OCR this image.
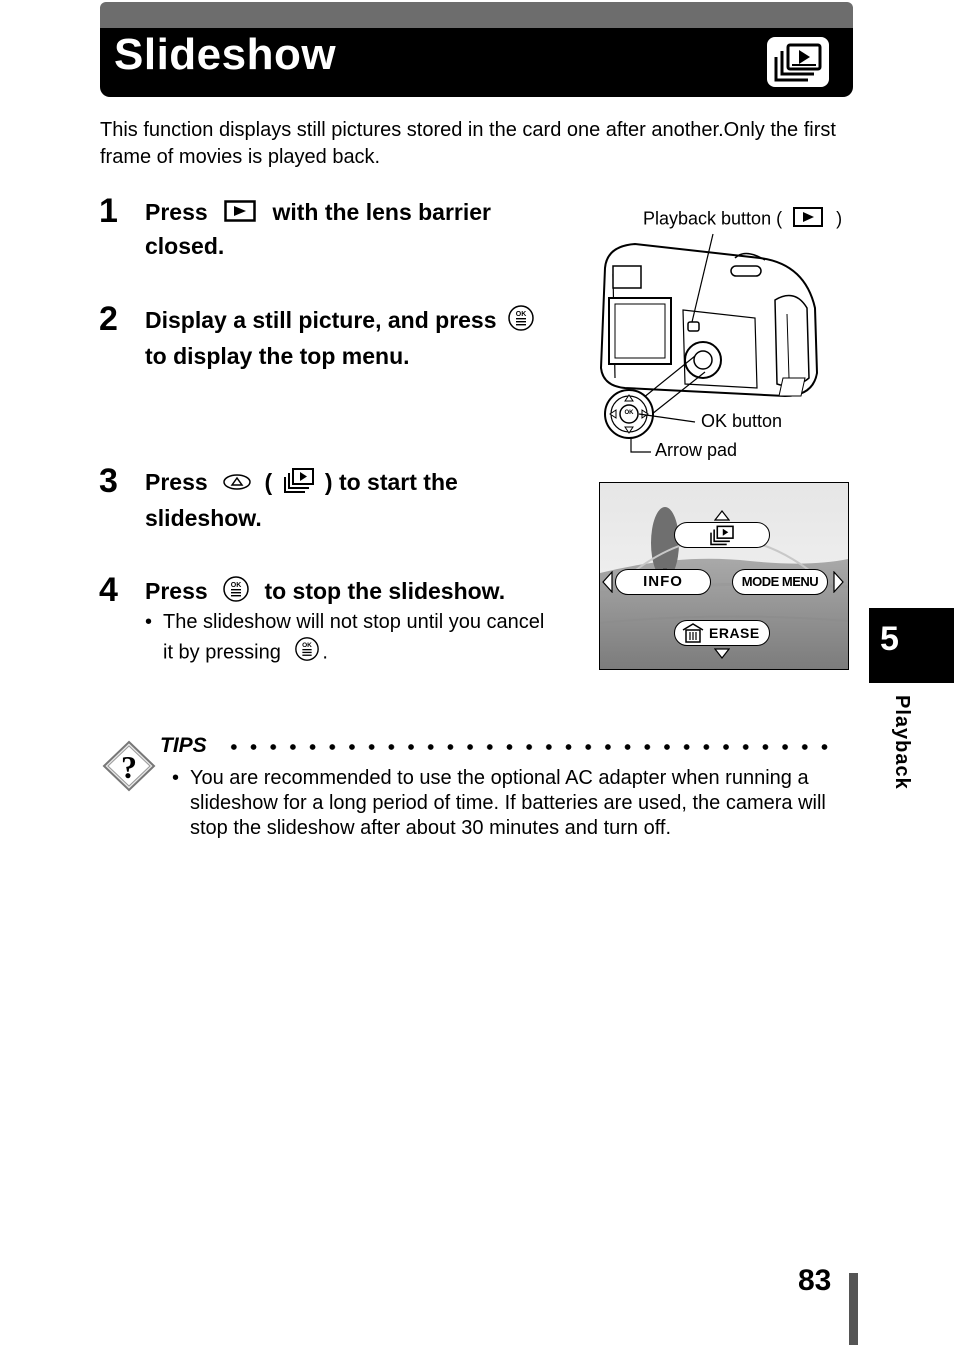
Slideshow
This function displays still pictures stored in the card one after another.Only the first frame of movies is played back.
1 Press	with the lens barrier closed.
2 Display a still picture, and press	OK
to display the top menu.
3 Press ( ) to start the slideshow.
4 Press	OK to stop the slideshow.
• The slideshow will not stop until you cancel it by pressing	OK .
Playback button (	)
OK	OK button
Arrow pad
INFO	MODE MENU
ERASE
?
TIPS
• You are recommended to use the optional AC adapter when running a slideshow for a long period of time. If batteries are used, the camera will stop the slideshow after about 30 minutes and turn off.
5
Playback
83
